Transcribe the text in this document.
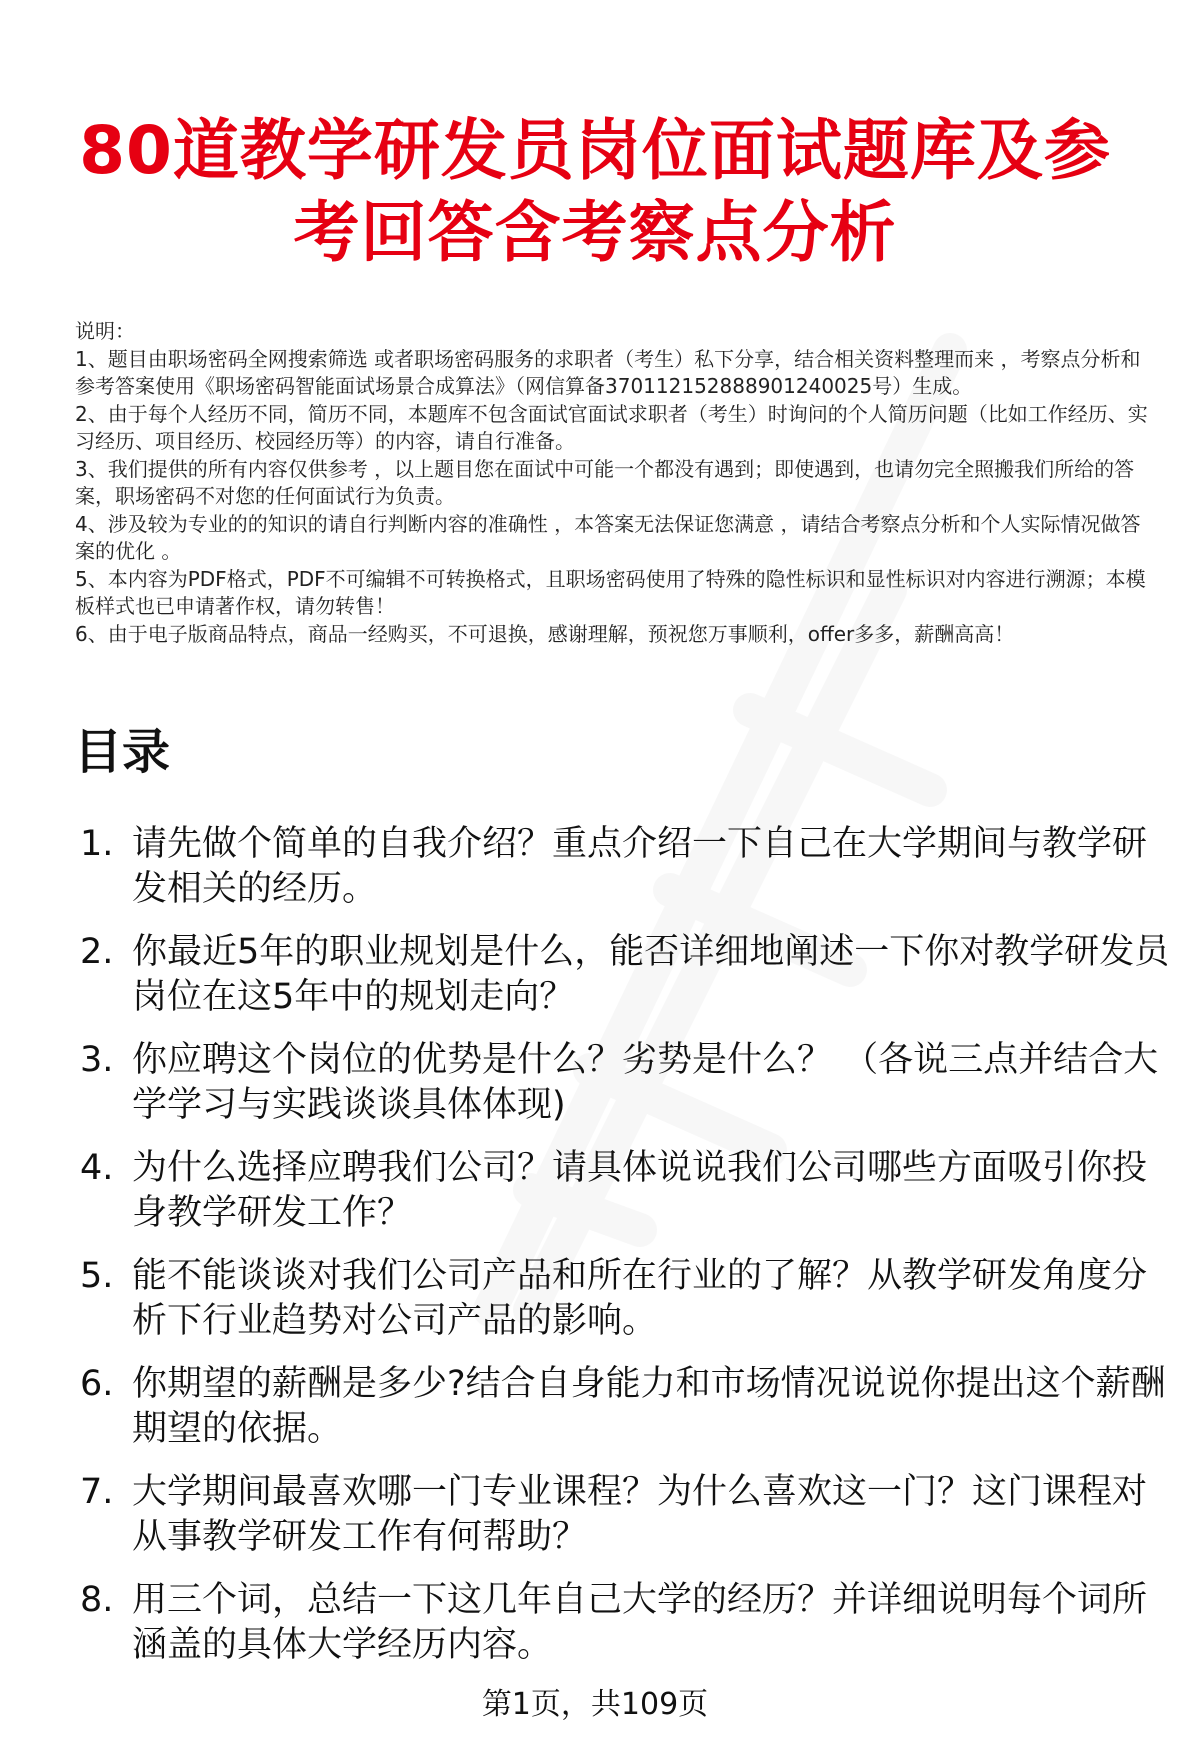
80道教学研发员岗位面试题库及参考回答含考察点分析

说明：

1、题目由职场密码全网搜索筛选 或者职场密码服务的求职者（考生）私下分享，结合相关资料整理而来 ，考察点分析和参考答案使用《职场密码智能面试场景合成算法》（网信算备370112152888901240025号）生成。

2、由于每个人经历不同，简历不同，本题库不包含面试官面试求职者（考生）时询问的个人简历问题（比如工作经历、实习经历、项目经历、校园经历等）的内容，请自行准备。

3、我们提供的所有内容仅供参考 ，以上题目您在面试中可能一个都没有遇到；即使遇到，也请勿完全照搬我们所给的答案，职场密码不对您的任何面试行为负责。

4、涉及较为专业的的知识的请自行判断内容的准确性 ，本答案无法保证您满意 ，请结合考察点分析和个人实际情况做答案的优化 。

5、本内容为PDF格式，PDF不可编辑不可转换格式，且职场密码使用了特殊的隐性标识和显性标识对内容进行溯源；本模板样式也已申请著作权，请勿转售！

6、由于电子版商品特点，商品一经购买，不可退换，感谢理解，预祝您万事顺利，offer多多，薪酬高高！

目录
1. 请先做个简单的自我介绍？重点介绍一下自己在大学期间与教学研发相关的经历。
2. 你最近5年的职业规划是什么，能否详细地阐述一下你对教学研发员岗位在这5年中的规划走向？
3. 你应聘这个岗位的优势是什么？劣势是什么？ （各说三点并结合大学学习与实践谈谈具体体现)
4. 为什么选择应聘我们公司？请具体说说我们公司哪些方面吸引你投身教学研发工作？
5. 能不能谈谈对我们公司产品和所在行业的了解？从教学研发角度分析下行业趋势对公司产品的影响。
6. 你期望的薪酬是多少?结合自身能力和市场情况说说你提出这个薪酬期望的依据。
7. 大学期间最喜欢哪一门专业课程？为什么喜欢这一门？这门课程对从事教学研发工作有何帮助？
8. 用三个词，总结一下这几年自己大学的经历？并详细说明每个词所涵盖的具体大学经历内容。
第1页，共109页
